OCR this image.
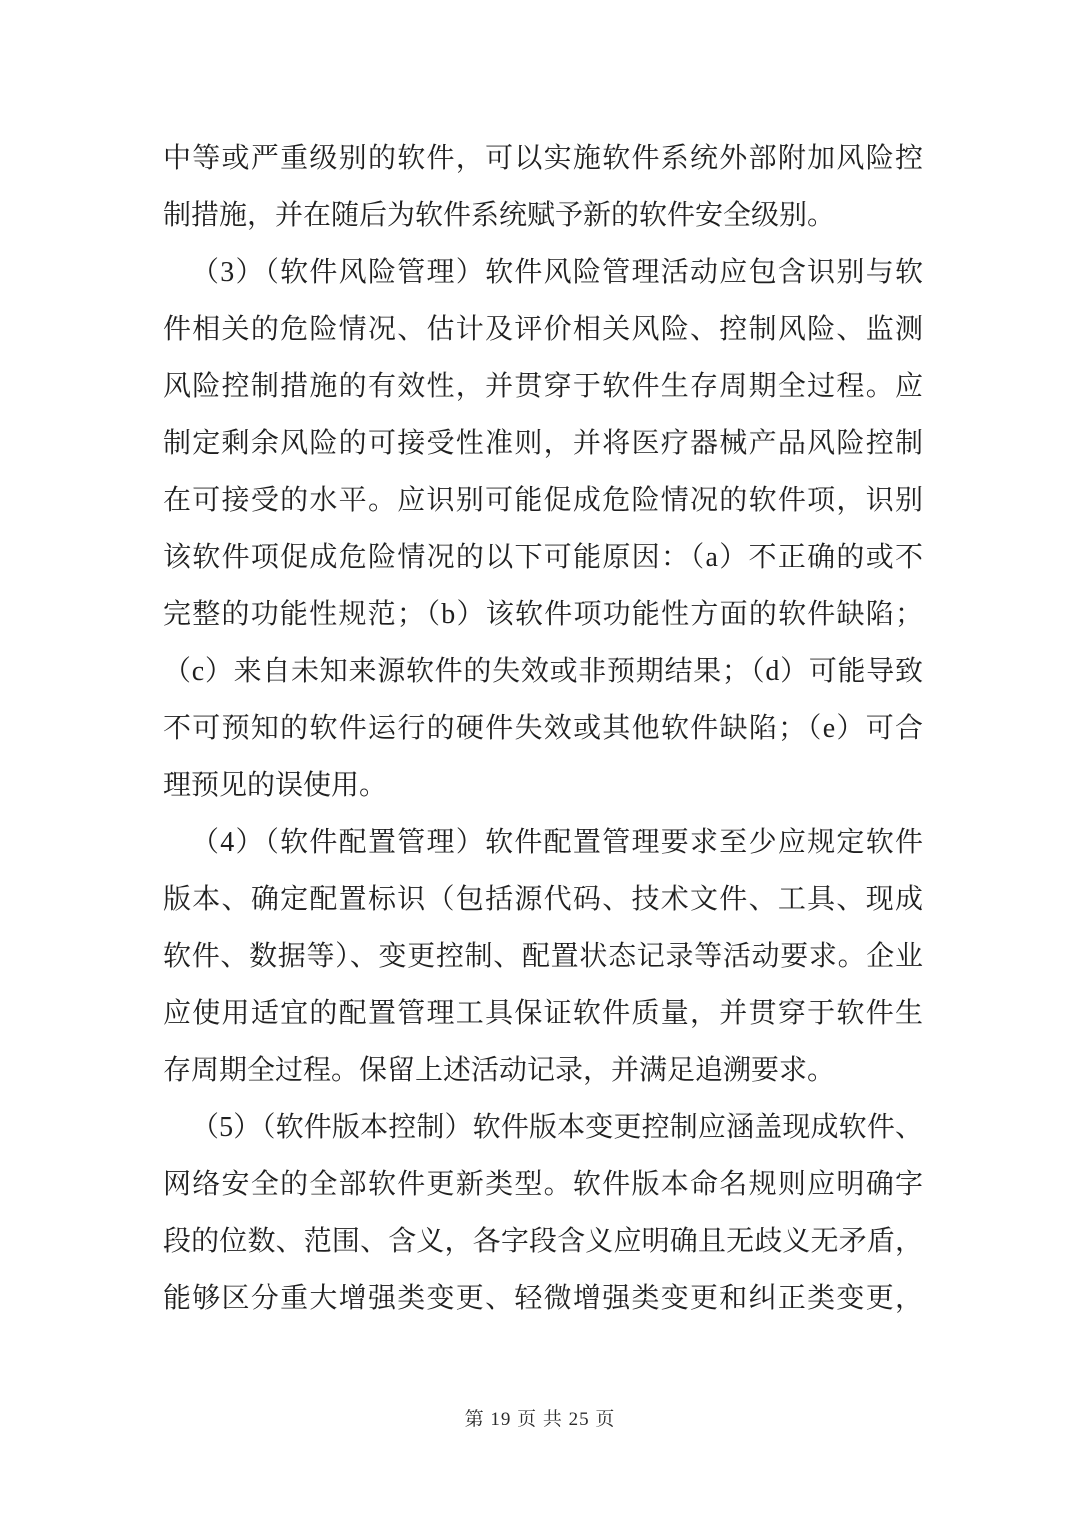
中等或严重级别的软件，可以实施软件系统外部附加风险控
制措施，并在随后为软件系统赋予新的软件安全级别。
（3）（软件风险管理）软件风险管理活动应包含识别与软
件相关的危险情况、估计及评价相关风险、控制风险、监测
风险控制措施的有效性，并贯穿于软件生存周期全过程。应
制定剩余风险的可接受性准则，并将医疗器械产品风险控制
在可接受的水平。应识别可能促成危险情况的软件项，识别
该软件项促成危险情况的以下可能原因：（a）不正确的或不
完整的功能性规范；（b）该软件项功能性方面的软件缺陷；
（c）来自未知来源软件的失效或非预期结果；（d）可能导致
不可预知的软件运行的硬件失效或其他软件缺陷；（e）可合
理预见的误使用。
（4）（软件配置管理）软件配置管理要求至少应规定软件
版本、确定配置标识（包括源代码、技术文件、工具、现成
软件、数据等）、变更控制、配置状态记录等活动要求。企业
应使用适宜的配置管理工具保证软件质量，并贯穿于软件生
存周期全过程。保留上述活动记录，并满足追溯要求。
（5）（软件版本控制）软件版本变更控制应涵盖现成软件、
网络安全的全部软件更新类型。软件版本命名规则应明确字
段的位数、范围、含义，各字段含义应明确且无歧义无矛盾，
能够区分重大增强类变更、轻微增强类变更和纠正类变更，
第 19 页 共 25 页
